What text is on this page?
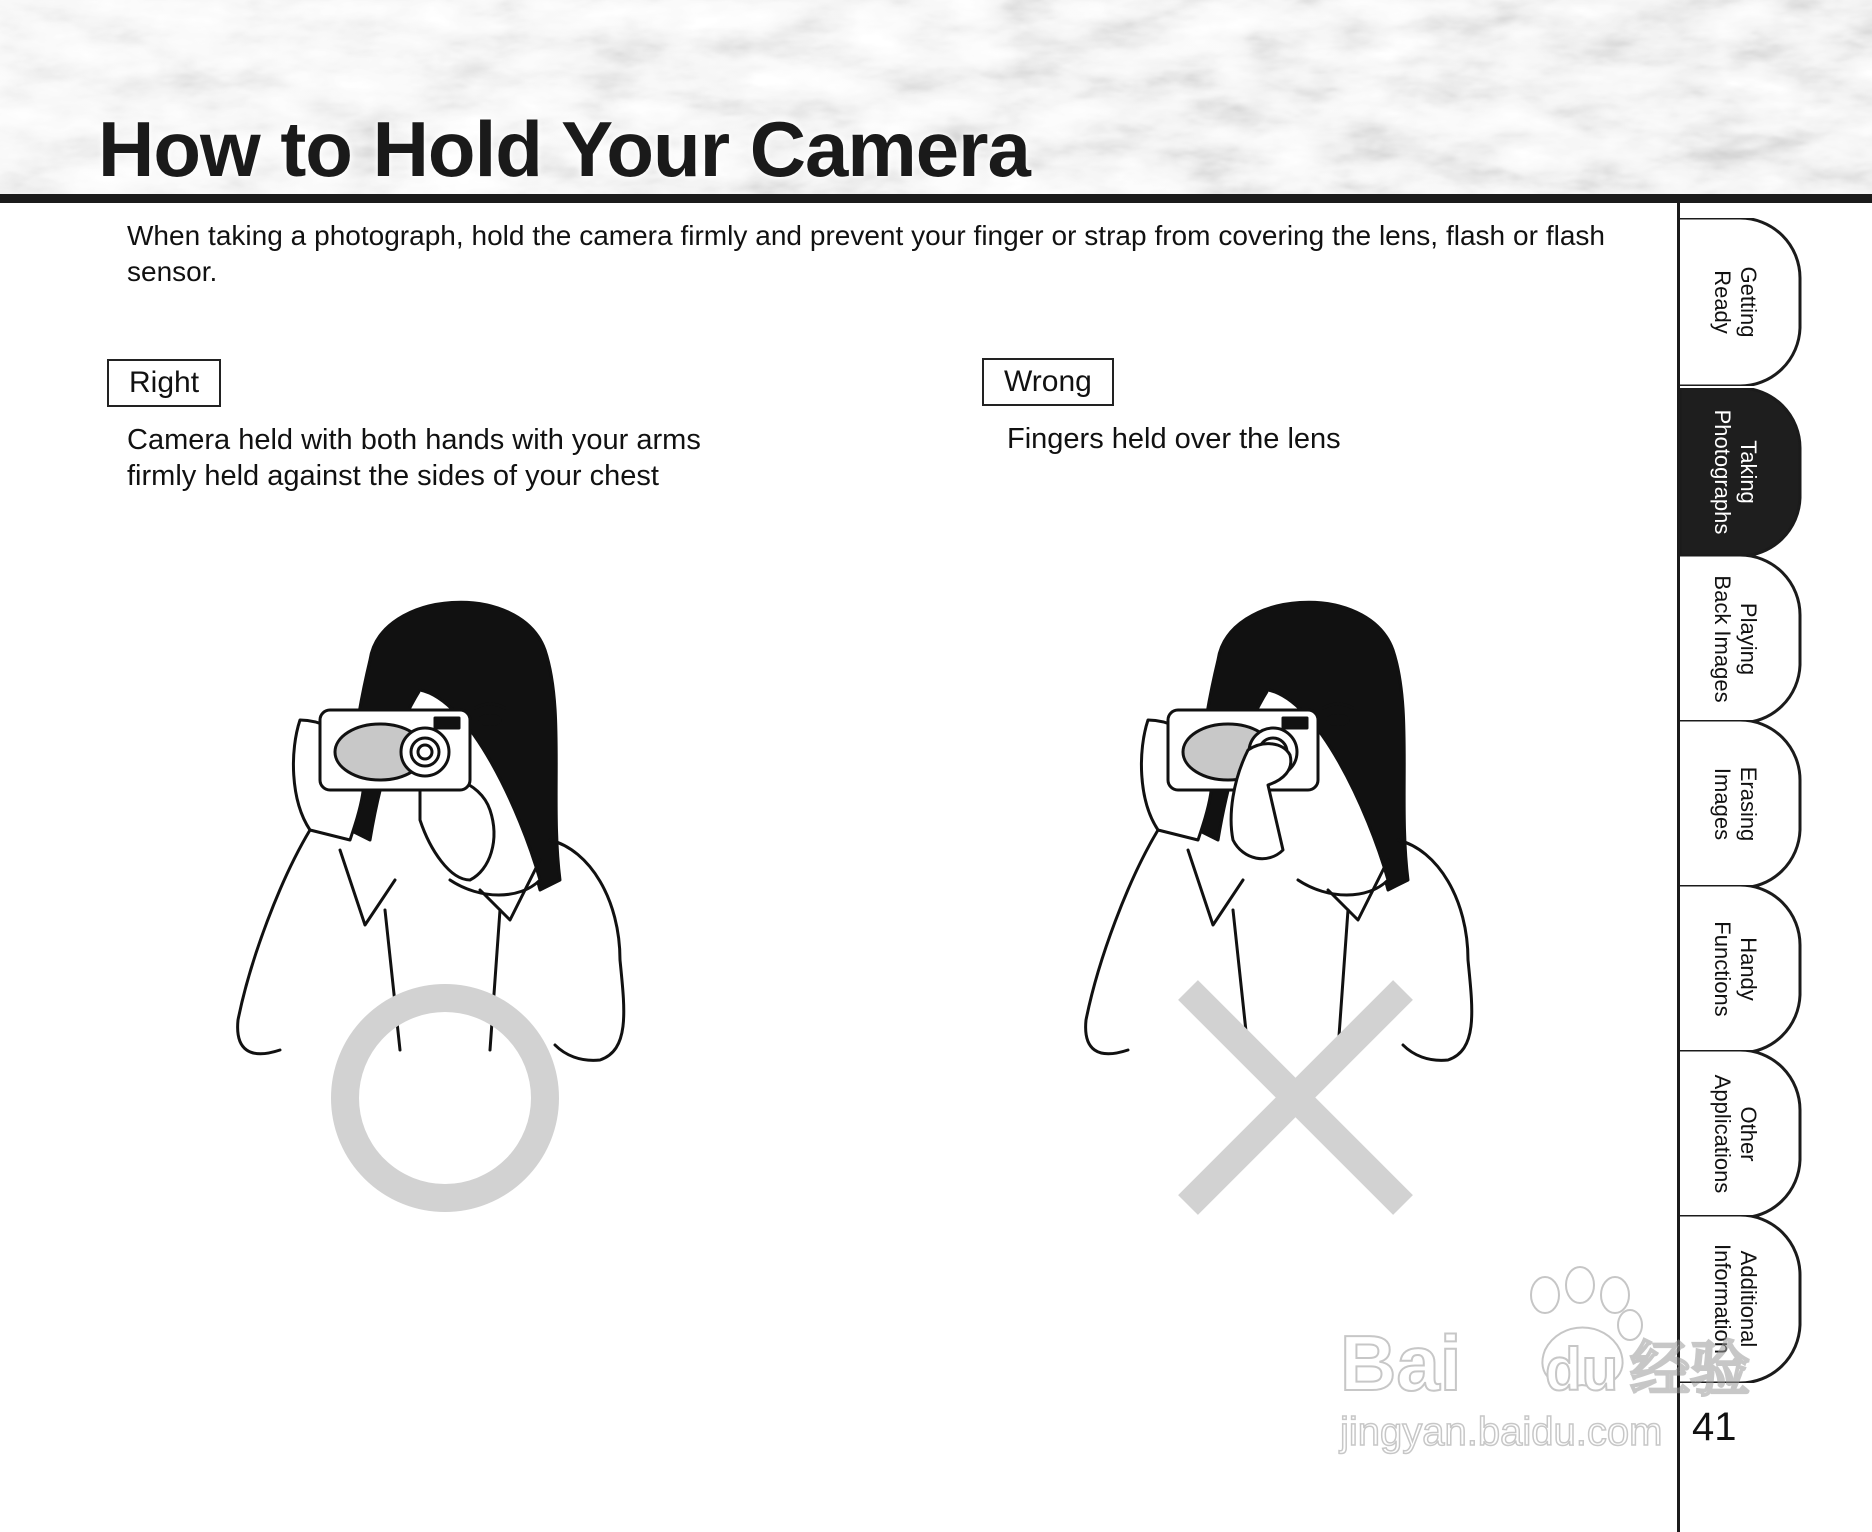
How to Hold Your Camera

When taking a photograph, hold the camera firmly and prevent your finger or strap from covering the lens, flash or flash sensor.

Right

Camera held with both hands with your arms firmly held against the sides of your chest

Wrong

Fingers held over the lens

Getting
Ready
Taking
Photographs
Playing
Back Images
Erasing
Images
Handy
Functions
Other
Applications
Additional
Information
41
Bai du 经验
jingyan.baidu.com
